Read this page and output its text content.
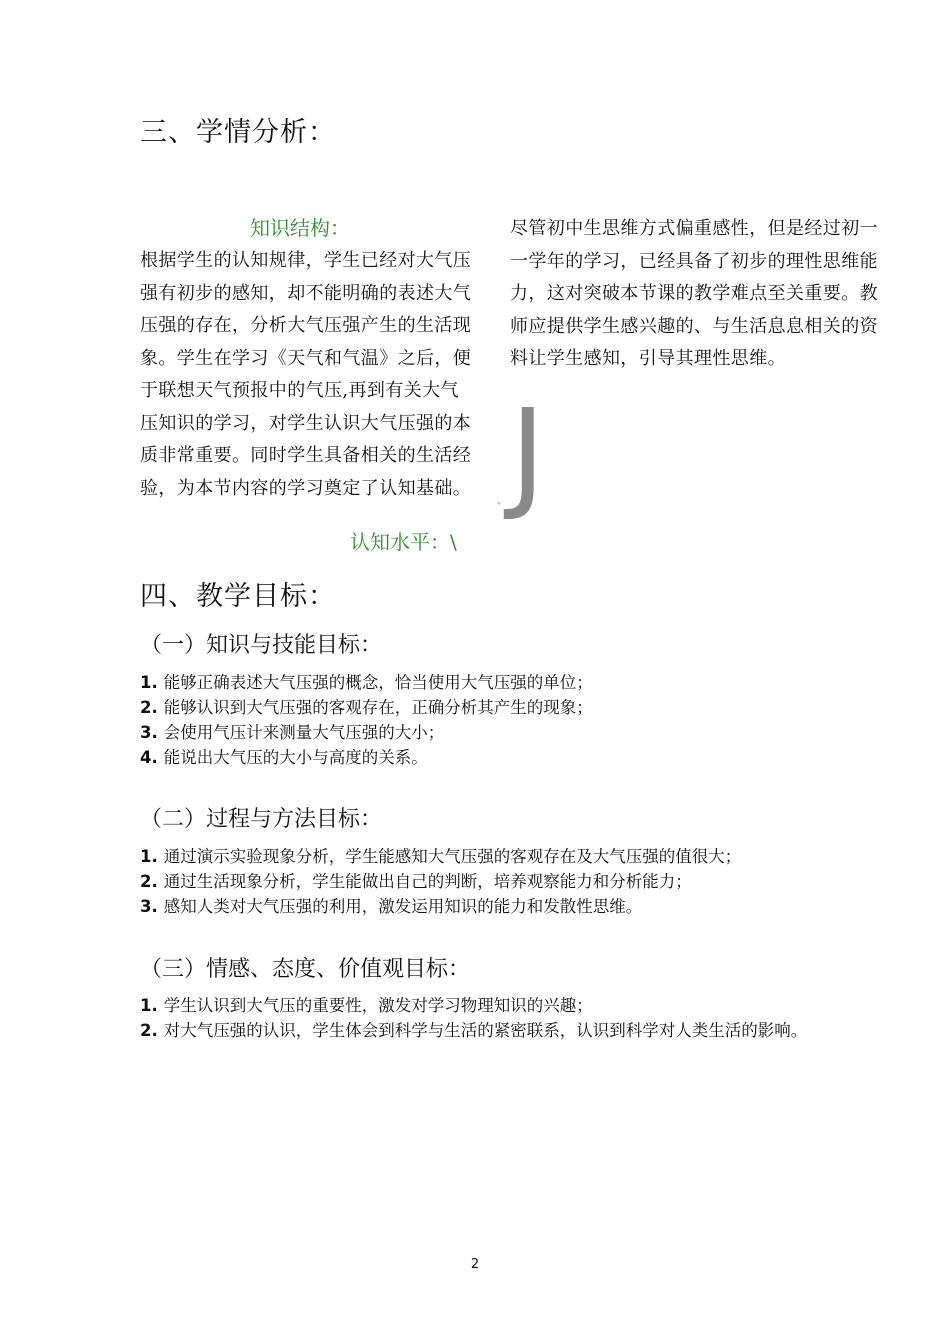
三、学情分析：
知识结构：
根据学生的认知规律，学生已经对大气压强有初步的感知，却不能明确的表述大气压强的存在，分析大气压强产生的生活现象。学生在学习《天气和气温》之后，便于联想天气预报中的气压,再到有关大气压知识的学习，对学生认识大气压强的本质非常重要。同时学生具备相关的生活经验，为本节内容的学习奠定了认知基础。
认知水平：\
尽管初中生思维方式偏重感性，但是经过初一一学年的学习，已经具备了初步的理性思维能力，这对突破本节课的教学难点至关重要。教师应提供学生感兴趣的、与生活息息相关的资料让学生感知，引导其理性思维。
J
、
四、教学目标：
（一）知识与技能目标：
1. 能够正确表述大气压强的概念，恰当使用大气压强的单位；
2. 能够认识到大气压强的客观存在，正确分析其产生的现象；
3. 会使用气压计来测量大气压强的大小；
4. 能说出大气压的大小与高度的关系。
（二）过程与方法目标：
1. 通过演示实验现象分析，学生能感知大气压强的客观存在及大气压强的值很大；
2. 通过生活现象分析，学生能做出自己的判断，培养观察能力和分析能力；
3. 感知人类对大气压强的利用，激发运用知识的能力和发散性思维。
（三）情感、态度、价值观目标：
1. 学生认识到大气压的重要性，激发对学习物理知识的兴趣；
2. 对大气压强的认识，学生体会到科学与生活的紧密联系，认识到科学对人类生活的影响。
2
